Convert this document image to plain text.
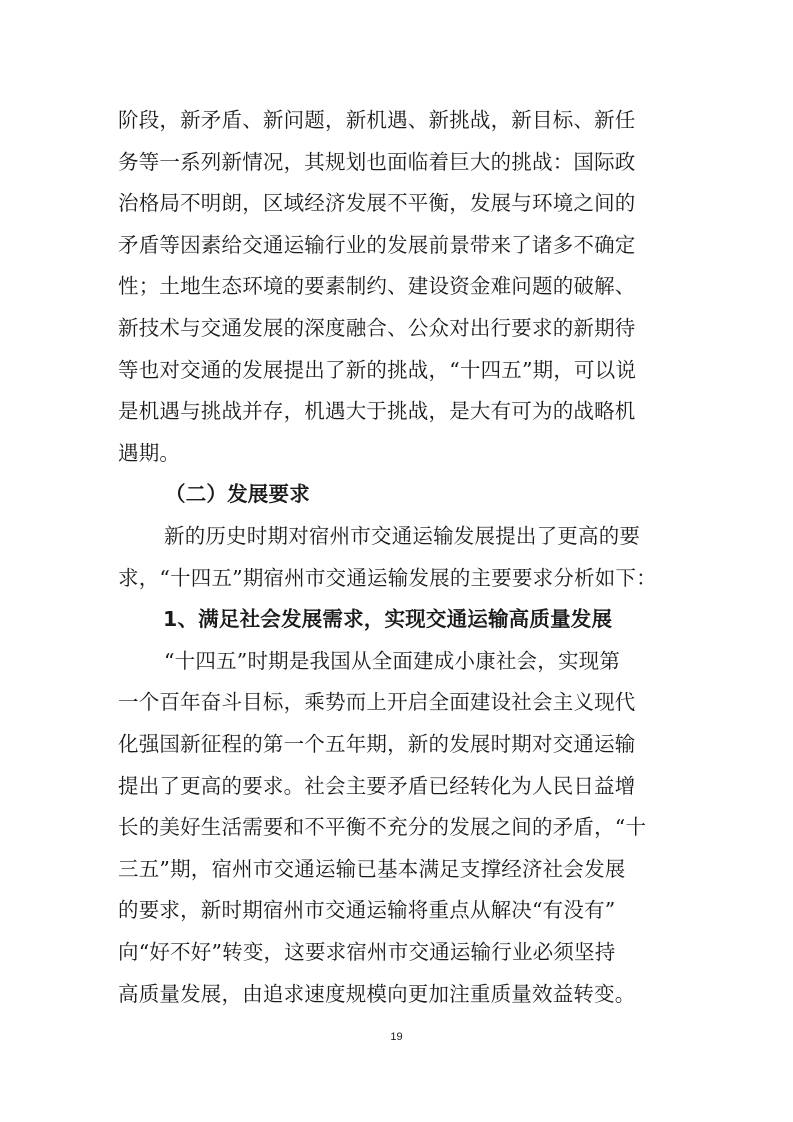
阶段，新矛盾、新问题，新机遇、新挑战，新目标、新任
务等一系列新情况，其规划也面临着巨大的挑战：国际政
治格局不明朗，区域经济发展不平衡，发展与环境之间的
矛盾等因素给交通运输行业的发展前景带来了诸多不确定
性；土地生态环境的要素制约、建设资金难问题的破解、
新技术与交通发展的深度融合、公众对出行要求的新期待
等也对交通的发展提出了新的挑战，“十四五”期，可以说
是机遇与挑战并存，机遇大于挑战，是大有可为的战略机
遇期。
（二）发展要求
新的历史时期对宿州市交通运输发展提出了更高的要
求，“十四五”期宿州市交通运输发展的主要要求分析如下：
1、满足社会发展需求，实现交通运输高质量发展
“十四五”时期是我国从全面建成小康社会，实现第
一个百年奋斗目标，乘势而上开启全面建设社会主义现代
化强国新征程的第一个五年期，新的发展时期对交通运输
提出了更高的要求。社会主要矛盾已经转化为人民日益增
长的美好生活需要和不平衡不充分的发展之间的矛盾，“十
三五”期，宿州市交通运输已基本满足支撑经济社会发展
的要求，新时期宿州市交通运输将重点从解决“有没有”
向“好不好”转变，这要求宿州市交通运输行业必须坚持
高质量发展，由追求速度规模向更加注重质量效益转变。
19
